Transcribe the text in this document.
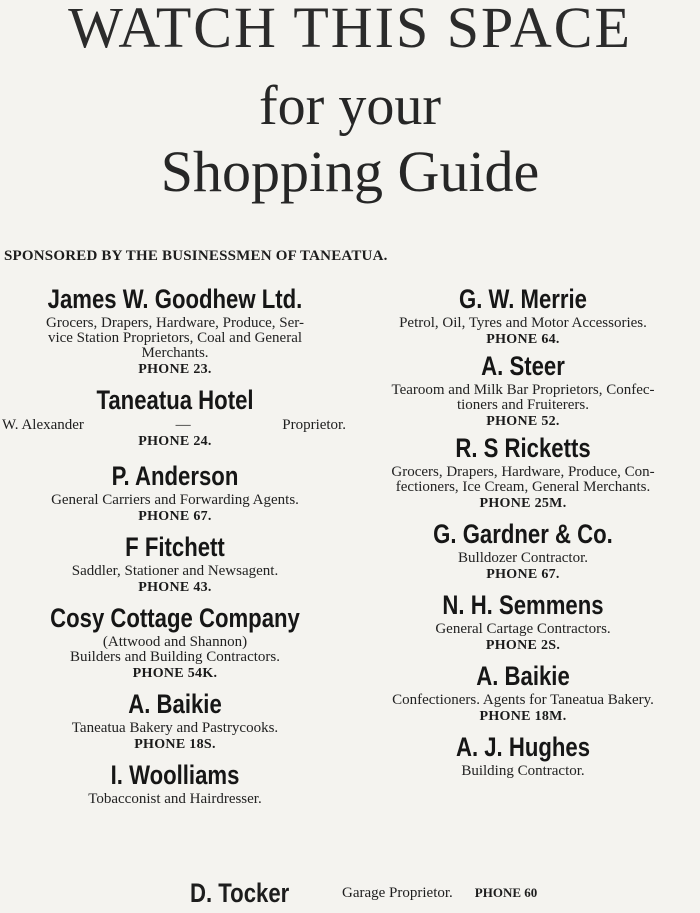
WATCH THIS SPACE
for your
Shopping Guide
SPONSORED BY THE BUSINESSMEN OF TANEATUA.
James W. Goodhew Ltd.
Grocers, Drapers, Hardware, Produce, Ser-
vice Station Proprietors, Coal and General
Merchants.
PHONE 23.
Taneatua Hotel
W. Alexander	—	Proprietor.
PHONE 24.
P. Anderson
General Carriers and Forwarding Agents.
PHONE 67.
F Fitchett
Saddler, Stationer and Newsagent.
PHONE 43.
Cosy Cottage Company
(Attwood and Shannon)
Builders and Building Contractors.
PHONE 54K.
A. Baikie
Taneatua Bakery and Pastrycooks.
PHONE 18S.
I. Woolliams
Tobacconist and Hairdresser.
G. W. Merrie
Petrol, Oil, Tyres and Motor Accessories.
PHONE 64.
A. Steer
Tearoom and Milk Bar Proprietors, Confec-
tioners and Fruiterers.
PHONE 52.
R. S Ricketts
Grocers, Drapers, Hardware, Produce, Con-
fectioners, Ice Cream, General Merchants.
PHONE 25M.
G. Gardner & Co.
Bulldozer Contractor.
PHONE 67.
N. H. Semmens
General Cartage Contractors.
PHONE 2S.
A. Baikie
Confectioners. Agents for Taneatua Bakery.
PHONE 18M.
A. J. Hughes
Building Contractor.
D. Tocker	Garage Proprietor. PHONE 60
